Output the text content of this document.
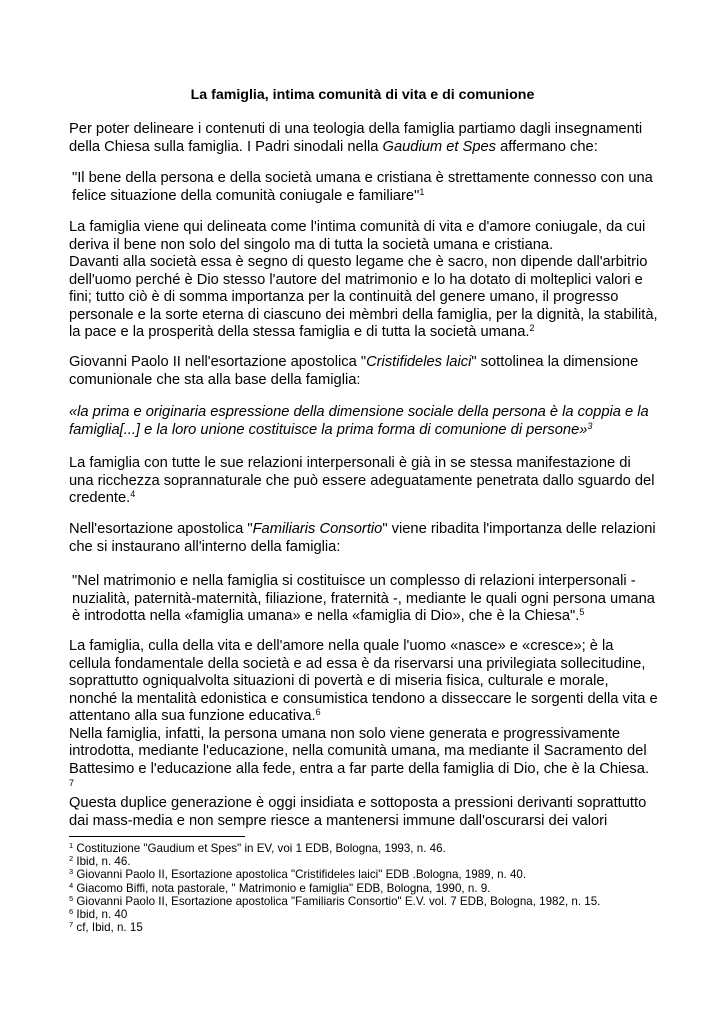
La famiglia, intima comunità di vita e di comunione

Per poter delineare i contenuti di una teologia della famiglia partiamo dagli insegnamenti
della Chiesa sulla famiglia. I Padri sinodali nella Gaudium et Spes affermano che:

"Il bene della persona e della società umana e cristiana è strettamente connesso con una
felice situazione della comunità coniugale e familiare"$^1$

La famiglia viene qui delineata come l'intima comunità di vita e d'amore coniugale, da cui
deriva il bene non solo del singolo ma di tutta la società umana e cristiana.
Davanti alla società essa è segno di questo legame che è sacro, non dipende dall'arbitrio
dell'uomo perché è Dio stesso l'autore del matrimonio e lo ha dotato di molteplici valori e
fini; tutto ciò è di somma importanza per la continuità del genere umano, il progresso
personale e la sorte eterna di ciascuno dei mèmbri della famiglia, per la dignità, la stabilità,
la pace e la prosperità della stessa famiglia e di tutta la società umana.$^2$

Giovanni Paolo II nell'esortazione apostolica "Cristifideles laici" sottolinea la dimensione
comunionale che sta alla base della famiglia:

«la prima e originaria espressione della dimensione sociale della persona è la coppia e la
famiglia[...] e la loro unione costituisce la prima forma di comunione di persone»$^3$

La famiglia con tutte le sue relazioni interpersonali è già in se stessa manifestazione di
una ricchezza soprannaturale che può essere adeguatamente penetrata dallo sguardo del
credente.$^4$

Nell'esortazione apostolica "Familiaris Consortio" viene ribadita l'importanza delle relazioni
che si instaurano all'interno della famiglia:

"Nel matrimonio e nella famiglia si costituisce un complesso di relazioni interpersonali -
nuzialità, paternità-maternità, filiazione, fraternità -, mediante le quali ogni persona umana
è introdotta nella «famiglia umana» e nella «famiglia di Dio», che è la Chiesa".$^5$

La famiglia, culla della vita e dell'amore nella quale l'uomo «nasce» e «cresce»; è la
cellula fondamentale della società e ad essa è da riservarsi una privilegiata sollecitudine,
soprattutto ogniqualvolta situazioni di povertà e di miseria fisica, culturale e morale,
nonché la mentalità edonistica e consumistica tendono a disseccare le sorgenti della vita e
attentano alla sua funzione educativa.$^6$
Nella famiglia, infatti, la persona umana non solo viene generata e progressivamente
introdotta, mediante l'educazione, nella comunità umana, ma mediante il Sacramento del
Battesimo e l'educazione alla fede, entra a far parte della famiglia di Dio, che è la Chiesa.
7

Questa duplice generazione è oggi insidiata e sottoposta a pressioni derivanti soprattutto
dai mass-media e non sempre riesce a mantenersi immune dall'oscurarsi dei valori

$^1$ Costituzione "Gaudium et Spes" in EV, voi 1 EDB, Bologna, 1993, n. 46.
$^2$ Ibid, n. 46.
$^3$ Giovanni Paolo II, Esortazione apostolica "Cristifideles laici" EDB .Bologna, 1989, n. 40.
$^4$ Giacomo Biffi, nota pastorale, " Matrimonio e famiglia" EDB, Bologna, 1990, n. 9.
$^5$ Giovanni Paolo II, Esortazione apostolica "Familiaris Consortio" E.V. vol. 7 EDB, Bologna, 1982, n. 15.
$^6$ Ibid, n. 40
$^7$ cf, Ibid, n. 15
